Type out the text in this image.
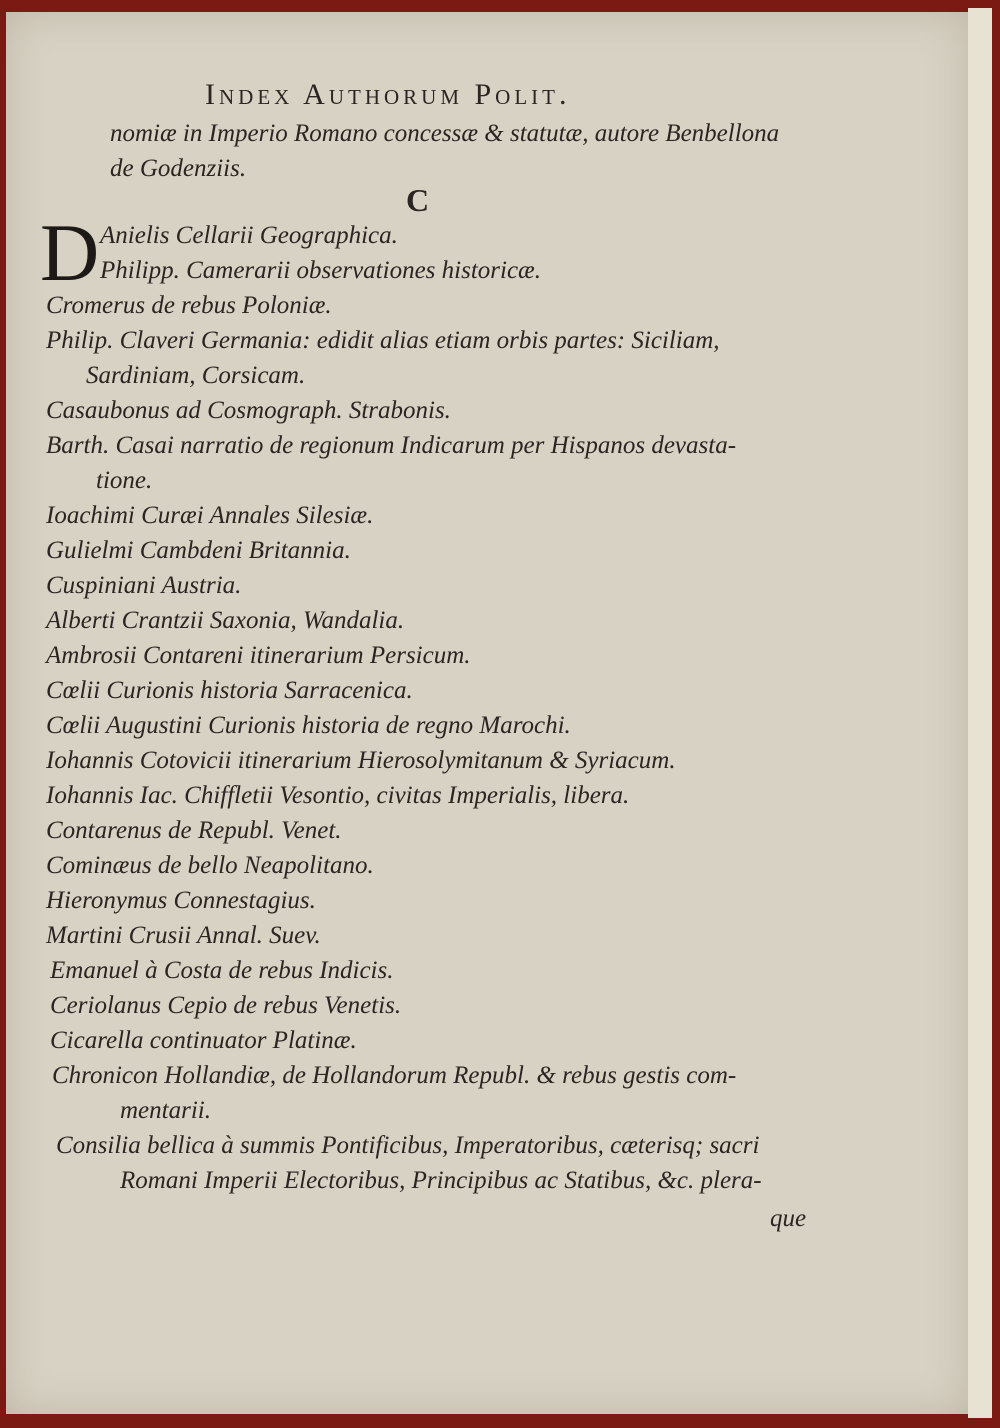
Index Authorum Polit.
nomiæ in Imperio Romano concessæ & statutæ, autore Benbellona
de Godenziis.
C
D Anielis Cellarii Geographica.
Philipp. Camerarii observationes historicæ.
Cromerus de rebus Poloniæ.
Philip. Claveri Germania: edidit alias etiam orbis partes: Siciliam,
Sardiniam, Corsicam.
Casaubonus ad Cosmograph. Strabonis.
Barth. Casai narratio de regionum Indicarum per Hispanos devasta-
tione.
Ioachimi Curæi Annales Silesiæ.
Gulielmi Cambdeni Britannia.
Cuspiniani Austria.
Alberti Crantzii Saxonia, Wandalia.
Ambrosii Contareni itinerarium Persicum.
Cœlii Curionis historia Sarracenica.
Cœlii Augustini Curionis historia de regno Marochi.
Iohannis Cotovicii itinerarium Hierosolymitanum & Syriacum.
Iohannis Iac. Chiffletii Vesontio, civitas Imperialis, libera.
Contarenus de Republ. Venet.
Cominæus de bello Neapolitano.
Hieronymus Connestagius.
Martini Crusii Annal. Suev.
Emanuel à Costa de rebus Indicis.
Ceriolanus Cepio de rebus Venetis.
Cicarella continuator Platinæ.
Chronicon Hollandiæ, de Hollandorum Republ. & rebus gestis com-
mentarii.
Consilia bellica à summis Pontificibus, Imperatoribus, cæterisq; sacri
Romani Imperii Electoribus, Principibus ac Statibus, &c. plera-
que
